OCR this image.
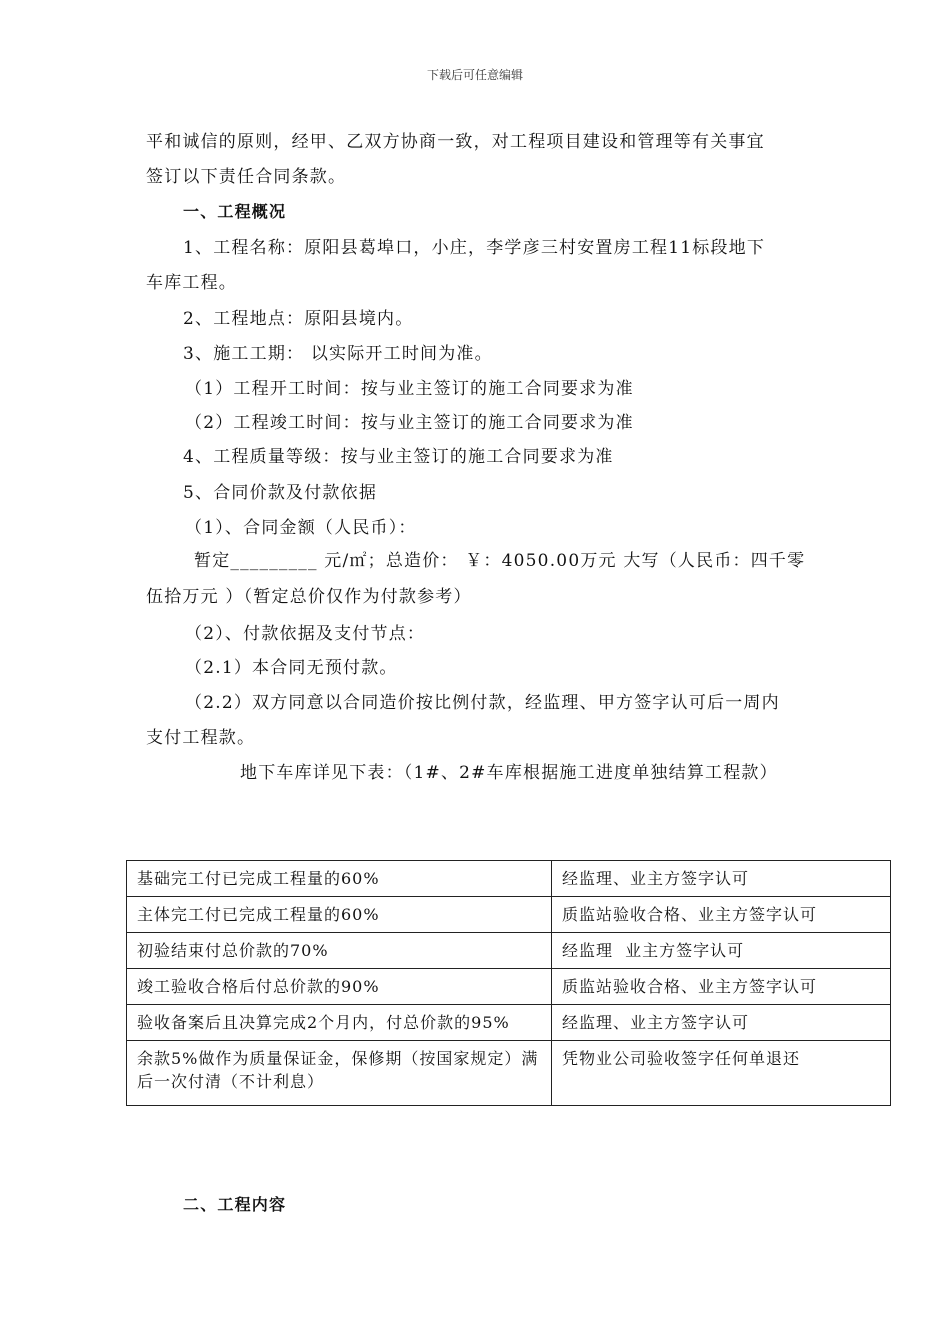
下载后可任意编辑
平和诚信的原则，经甲、乙双方协商一致，对工程项目建设和管理等有关事宜
签订以下责任合同条款。
一、工程概况
1、工程名称：原阳县葛埠口，小庄，李学彦三村安置房工程11标段地下
车库工程。
2、工程地点：原阳县境内。
3、施工工期： 以实际开工时间为准。
（1）工程开工时间：按与业主签订的施工合同要求为准
（2）工程竣工时间：按与业主签订的施工合同要求为准
4、工程质量等级：按与业主签订的施工合同要求为准
5、合同价款及付款依据
（1）、合同金额（人民币）：
暂定_________ 元/㎡；总造价： ￥：4050.00万元 大写（人民币：四千零
伍拾万元 ）（暂定总价仅作为付款参考）
（2）、付款依据及支付节点：
（2.1）本合同无预付款。
（2.2）双方同意以合同造价按比例付款，经监理、甲方签字认可后一周内
支付工程款。
地下车库详见下表：（1#、2#车库根据施工进度单独结算工程款）
基础完工付已完成工程量的60%	经监理、业主方签字认可
主体完工付已完成工程量的60%	质监站验收合格、业主方签字认可
初验结束付总价款的70%	经监理  业主方签字认可
竣工验收合格后付总价款的90%	质监站验收合格、业主方签字认可
验收备案后且决算完成2个月内，付总价款的95%	经监理、业主方签字认可
余款5%做作为质量保证金，保修期（按国家规定）满后一次付清（不计利息）	凭物业公司验收签字任何单退还
二、工程内容
